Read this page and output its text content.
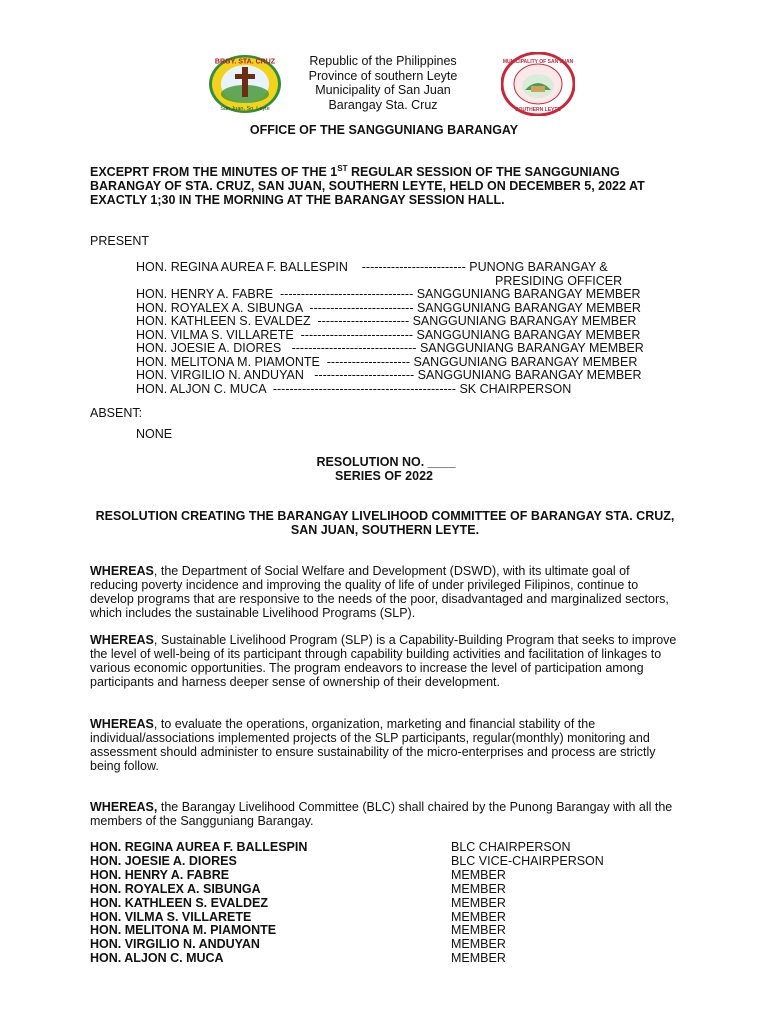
BRGY. STA. CRUZ
San Juan, So. Leyte
Republic of the Philippines
Province of southern Leyte
Municipality of San Juan
Barangay Sta. Cruz
MUNICIPALITY OF SAN JUAN
SOUTHERN LEYTE
OFFICE OF THE SANGGUNIANG BARANGAY
EXCEPRT FROM THE MINUTES OF THE 1ST REGULAR SESSION OF THE SANGGUNIANG BARANGAY OF STA. CRUZ, SAN JUAN, SOUTHERN LEYTE, HELD ON DECEMBER 5, 2022 AT EXACTLY 1;30 IN THE MORNING AT THE BARANGAY SESSION HALL.
PRESENT
HON. REGINA AUREA F. BALLESPIN    ------------------------- PUNONG BARANGAY &
PRESIDING OFFICER
HON. HENRY A. FABRE  -------------------------------- SANGGUNIANG BARANGAY MEMBER
HON. ROYALEX A. SIBUNGA  ------------------------- SANGGUNIANG BARANGAY MEMBER
HON. KATHLEEN S. EVALDEZ  ---------------------- SANGGUNIANG BARANGAY MEMBER
HON. VILMA S. VILLARETE  --------------------------- SANGGUNIANG BARANGAY MEMBER
HON. JOESIE A. DIORES   ------------------------------ SANGGUNIANG BARANGAY MEMBER
HON. MELITONA M. PIAMONTE  -------------------- SANGGUNIANG BARANGAY MEMBER
HON. VIRGILIO N. ANDUYAN   ------------------------ SANGGUNIANG BARANGAY MEMBER
HON. ALJON C. MUCA  -------------------------------------------- SK CHAIRPERSON
ABSENT:
NONE
RESOLUTION NO. ____
SERIES OF 2022
RESOLUTION CREATING THE BARANGAY LIVELIHOOD COMMITTEE OF BARANGAY STA. CRUZ, SAN JUAN, SOUTHERN LEYTE.
WHEREAS, the Department of Social Welfare and Development (DSWD), with its ultimate goal of reducing poverty incidence and improving the quality of life of under privileged Filipinos, continue to develop programs that are responsive to the needs of the poor, disadvantaged and marginalized sectors, which includes the sustainable Livelihood Programs (SLP).
WHEREAS, Sustainable Livelihood Program (SLP) is a Capability-Building Program that seeks to improve the level of well-being of its participant through capability building activities and facilitation of linkages to various economic opportunities. The program endeavors to increase the level of participation among participants and harness deeper sense of ownership of their development.
WHEREAS, to evaluate the operations, organization, marketing and financial stability of the individual/associations implemented projects of the SLP participants, regular(monthly) monitoring and assessment should administer to ensure sustainability of the micro-enterprises and process are strictly being follow.
WHEREAS, the Barangay Livelihood Committee (BLC) shall chaired by the Punong Barangay with all the members of the Sangguniang Barangay.
HON. REGINA AUREA F. BALLESPIN	BLC CHAIRPERSON
HON. JOESIE A. DIORES	BLC VICE-CHAIRPERSON
HON. HENRY A. FABRE	MEMBER
HON. ROYALEX A. SIBUNGA	MEMBER
HON. KATHLEEN S. EVALDEZ	MEMBER
HON. VILMA S. VILLARETE	MEMBER
HON. MELITONA M. PIAMONTE	MEMBER
HON. VIRGILIO N. ANDUYAN	MEMBER
HON. ALJON C. MUCA	MEMBER
